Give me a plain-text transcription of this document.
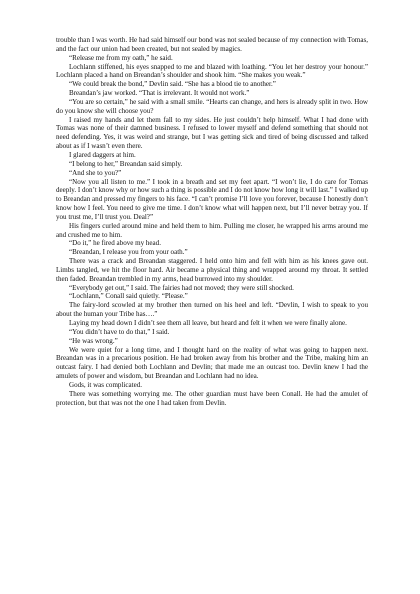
trouble than I was worth. He had said himself our bond was not sealed because of my connection with Tomas, and the fact our union had been created, but not sealed by magics.

“Release me from my oath,” he said.

Lochlann stiffened, his eyes snapped to me and blazed with loathing. “You let her destroy your honour.” Lochlann placed a hand on Breandan’s shoulder and shook him. “She makes you weak.”

“We could break the bond,” Devlin said. “She has a blood tie to another.”

Breandan’s jaw worked. “That is irrelevant. It would not work.”

“You are so certain,” he said with a small smile. “Hearts can change, and hers is already split in two. How do you know she will choose you?

I raised my hands and let them fall to my sides. He just couldn’t help himself. What I had done with Tomas was none of their damned business. I refused to lower myself and defend something that should not need defending. Yes, it was weird and strange, but I was getting sick and tired of being discussed and talked about as if I wasn’t even there.

I glared daggers at him.

“I belong to her,” Breandan said simply.

“And she to you?”

“Now you all listen to me.” I took in a breath and set my feet apart. “I won’t lie, I do care for Tomas deeply. I don’t know why or how such a thing is possible and I do not know how long it will last.” I walked up to Breandan and pressed my fingers to his face. “I can’t promise I’ll love you forever, because I honestly don’t know how I feel. You need to give me time. I don’t know what will happen next, but I’ll never betray you. If you trust me, I’ll trust you. Deal?”

His fingers curled around mine and held them to him. Pulling me closer, he wrapped his arms around me and crushed me to him.

“Do it,” he fired above my head.

“Breandan, I release you from your oath.”

There was a crack and Breandan staggered. I held onto him and fell with him as his knees gave out. Limbs tangled, we hit the floor hard. Air became a physical thing and wrapped around my throat. It settled then faded. Breandan trembled in my arms, head burrowed into my shoulder.

“Everybody get out,” I said. The fairies had not moved; they were still shocked.

“Lochlann,” Conall said quietly. “Please.”

The fairy-lord scowled at my brother then turned on his heel and left. “Devlin, I wish to speak to you about the human your Tribe has….”

Laying my head down I didn’t see them all leave, but heard and felt it when we were finally alone.

“You didn’t have to do that,” I said.

“He was wrong.”

We were quiet for a long time, and I thought hard on the reality of what was going to happen next. Breandan was in a precarious position. He had broken away from his brother and the Tribe, making him an outcast fairy. I had denied both Lochlann and Devlin; that made me an outcast too. Devlin knew I had the amulets of power and wisdom, but Breandan and Lochlann had no idea.

Gods, it was complicated.

There was something worrying me. The other guardian must have been Conall. He had the amulet of protection, but that was not the one I had taken from Devlin.
